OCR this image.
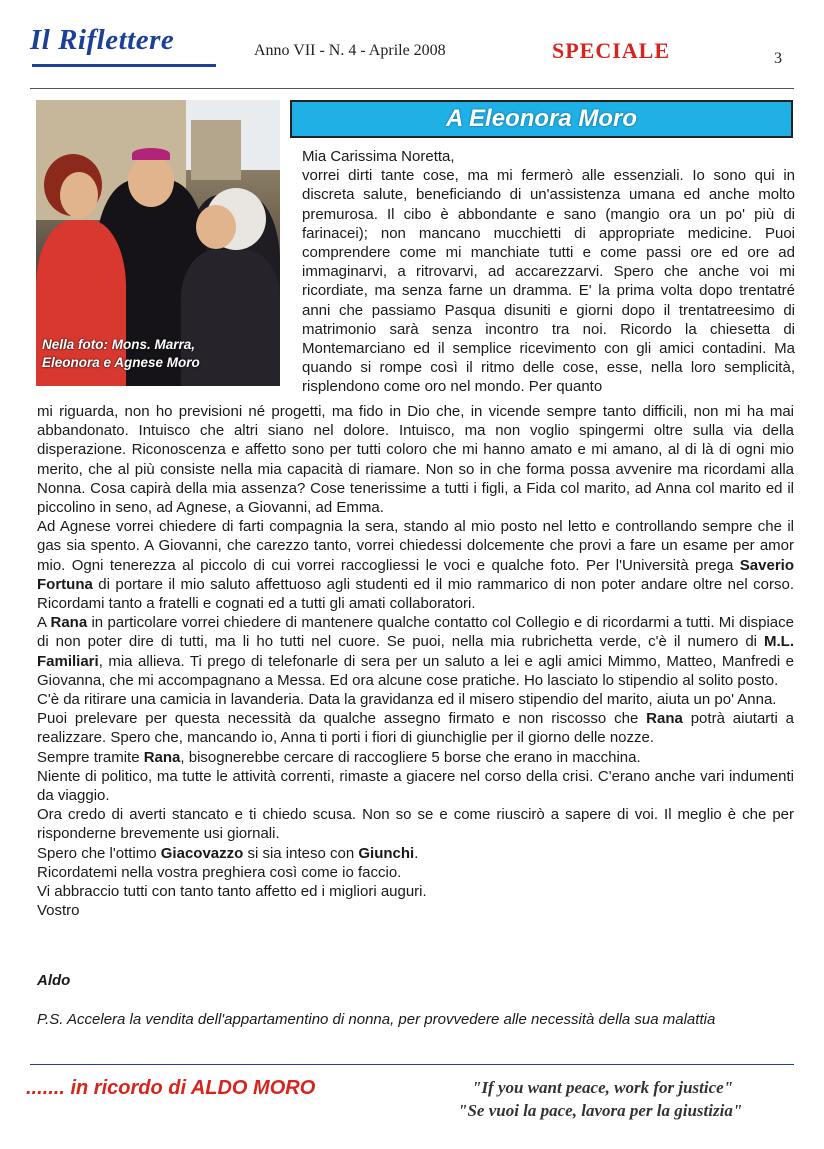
Il Riflettere	Anno VII - N. 4 - Aprile 2008	SPECIALE	3
Nella foto: Mons. Marra,
Eleonora e Agnese Moro
A Eleonora Moro

Mia Carissima Noretta,

vorrei dirti tante cose, ma mi fermerò alle essenziali. Io sono qui in discreta salute, beneficiando di un'assistenza umana ed anche molto premurosa. Il cibo è abbondante e sano (mangio ora un po' più di farinacei); non mancano mucchietti di appropriate medicine. Puoi comprendere come mi manchiate tutti e come passi ore ed ore ad immaginarvi, a ritrovarvi, ad accarezzarvi. Spero che anche voi mi ricordiate, ma senza farne un dramma. E' la prima volta dopo trentatré anni che passiamo Pasqua disuniti e giorni dopo il trentatreesimo di matrimonio sarà senza incontro tra noi. Ricordo la chiesetta di Montemarciano ed il semplice ricevimento con gli amici contadini. Ma quando si rompe così il ritmo delle cose, esse, nella loro semplicità, risplendono come oro nel mondo. Per quanto

mi riguarda, non ho previsioni né progetti, ma fido in Dio che, in vicende sempre tanto difficili, non mi ha mai abbandonato. Intuisco che altri siano nel dolore. Intuisco, ma non voglio spingermi oltre sulla via della disperazione. Riconoscenza e affetto sono per tutti coloro che mi hanno amato e mi amano, al di là di ogni mio merito, che al più consiste nella mia capacità di riamare. Non so in che forma possa avvenire ma ricordami alla Nonna. Cosa capirà della mia assenza? Cose tenerissime a tutti i figli, a Fida col marito, ad Anna col marito ed il piccolino in seno, ad Agnese, a Giovanni, ad Emma.

Ad Agnese vorrei chiedere di farti compagnia la sera, stando al mio posto nel letto e controllando sempre che il gas sia spento. A Giovanni, che carezzo tanto, vorrei chiedessi dolcemente che provi a fare un esame per amor mio. Ogni tenerezza al piccolo di cui vorrei raccogliessi le voci e qualche foto. Per l'Università prega Saverio Fortuna di portare il mio saluto affettuoso agli studenti ed il mio rammarico di non poter andare oltre nel corso. Ricordami tanto a fratelli e cognati ed a tutti gli amati collaboratori.

A Rana in particolare vorrei chiedere di mantenere qualche contatto col Collegio e di ricordarmi a tutti. Mi dispiace di non poter dire di tutti, ma li ho tutti nel cuore. Se puoi, nella mia rubrichetta verde, c'è il numero di M.L. Familiari, mia allieva. Ti prego di telefonarle di sera per un saluto a lei e agli amici Mimmo, Matteo, Manfredi e Giovanna, che mi accompagnano a Messa. Ed ora alcune cose pratiche. Ho lasciato lo stipendio al solito posto.

C'è da ritirare una camicia in lavanderia. Data la gravidanza ed il misero stipendio del marito, aiuta un po' Anna.

Puoi prelevare per questa necessità da qualche assegno firmato e non riscosso che Rana potrà aiutarti a realizzare. Spero che, mancando io, Anna ti porti i fiori di giunchiglie per il giorno delle nozze.

Sempre tramite Rana, bisognerebbe cercare di raccogliere 5 borse che erano in macchina.

Niente di politico, ma tutte le attività correnti, rimaste a giacere nel corso della crisi. C'erano anche vari indumenti da viaggio.

Ora credo di averti stancato e ti chiedo scusa. Non so se e come riuscirò a sapere di voi. Il meglio è che per risponderne brevemente usi giornali.

Spero che l'ottimo Giacovazzo si sia inteso con Giunchi.

Ricordatemi nella vostra preghiera così come io faccio.

Vi abbraccio tutti con tanto tanto affetto ed i migliori auguri.

Vostro

Aldo
P.S. Accelera la vendita dell'appartamentino di nonna, per provvedere alle necessità della sua malattia
....... in ricordo di ALDO MORO	"If you want peace, work for justice"
"Se vuoi la pace, lavora per la giustizia"
